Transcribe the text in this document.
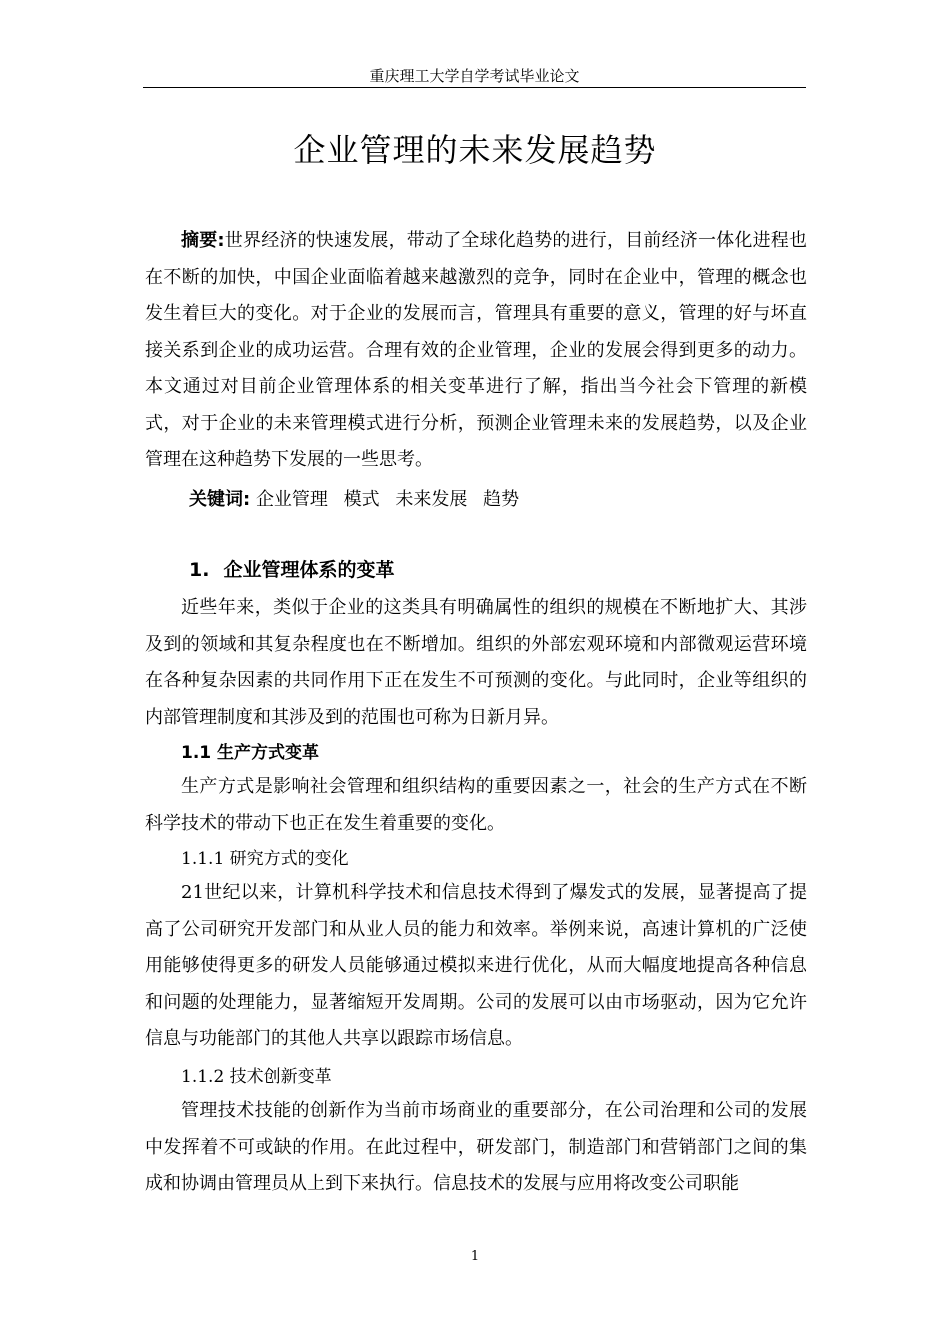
重庆理工大学自学考试毕业论文
企业管理的未来发展趋势
摘要:世界经济的快速发展，带动了全球化趋势的进行，目前经济一体化进程也在不断的加快，中国企业面临着越来越激烈的竞争，同时在企业中，管理的概念也发生着巨大的变化。对于企业的发展而言，管理具有重要的意义，管理的好与坏直接关系到企业的成功运营。合理有效的企业管理，企业的发展会得到更多的动力。本文通过对目前企业管理体系的相关变革进行了解，指出当今社会下管理的新模式，对于企业的未来管理模式进行分析，预测企业管理未来的发展趋势，以及企业管理在这种趋势下发展的一些思考。
关键词: 企业管理 模式 未来发展 趋势
1. 企业管理体系的变革
近些年来，类似于企业的这类具有明确属性的组织的规模在不断地扩大、其涉及到的领域和其复杂程度也在不断增加。组织的外部宏观环境和内部微观运营环境在各种复杂因素的共同作用下正在发生不可预测的变化。与此同时，企业等组织的内部管理制度和其涉及到的范围也可称为日新月异。
1.1 生产方式变革
生产方式是影响社会管理和组织结构的重要因素之一，社会的生产方式在不断科学技术的带动下也正在发生着重要的变化。
1.1.1 研究方式的变化
21世纪以来，计算机科学技术和信息技术得到了爆发式的发展，显著提高了提高了公司研究开发部门和从业人员的能力和效率。举例来说，高速计算机的广泛使用能够使得更多的研发人员能够通过模拟来进行优化，从而大幅度地提高各种信息和问题的处理能力，显著缩短开发周期。公司的发展可以由市场驱动，因为它允许信息与功能部门的其他人共享以跟踪市场信息。
1.1.2 技术创新变革
管理技术技能的创新作为当前市场商业的重要部分，在公司治理和公司的发展中发挥着不可或缺的作用。在此过程中，研发部门，制造部门和营销部门之间的集成和协调由管理员从上到下来执行。信息技术的发展与应用将改变公司职能
1
